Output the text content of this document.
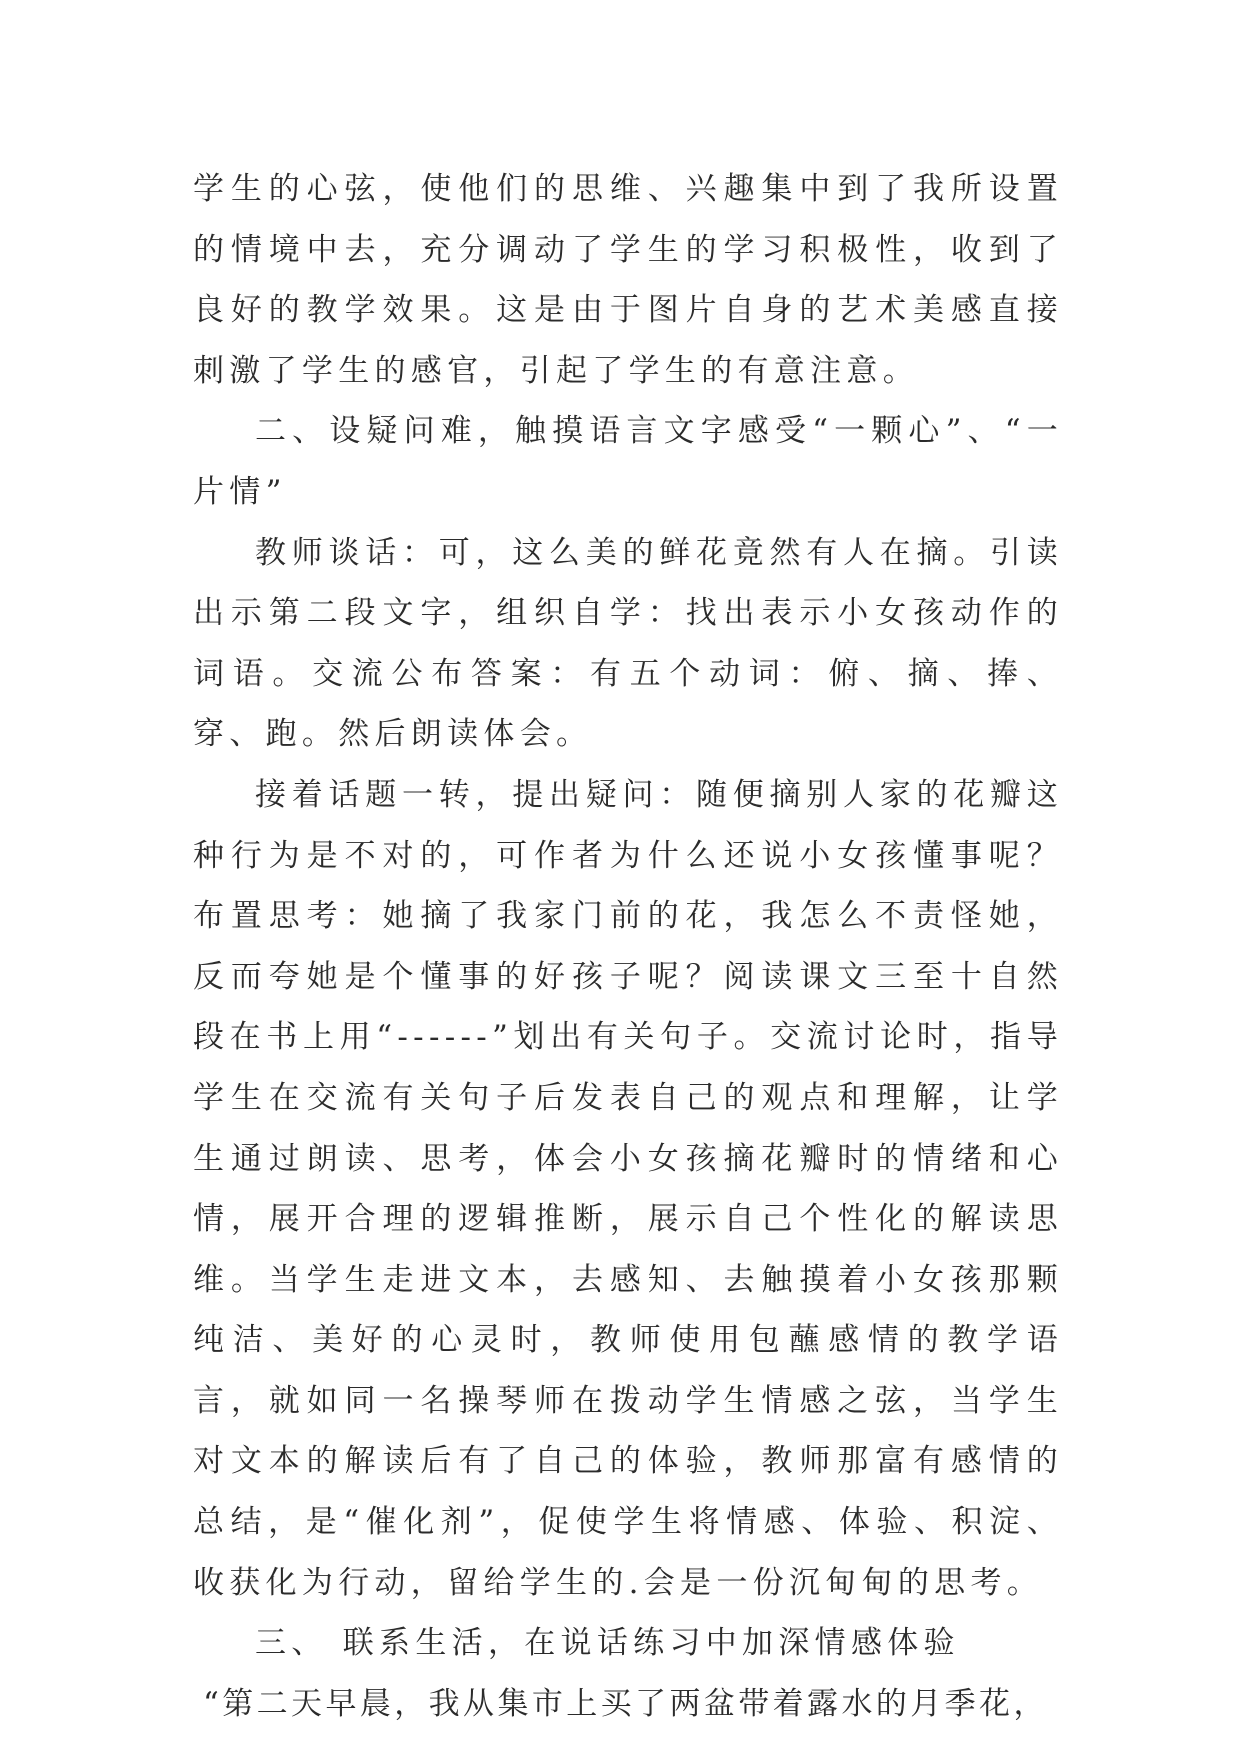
学生的心弦，使他们的思维、兴趣集中到了我所设置的情境中去，充分调动了学生的学习积极性，收到了良好的教学效果。这是由于图片自身的艺术美感直接刺激了学生的感官，引起了学生的有意注意。

二、设疑问难，触摸语言文字感受“一颗心”、“一片情”

教师谈话：可，这么美的鲜花竟然有人在摘。引读出示第二段文字，组织自学：找出表示小女孩动作的词语。交流公布答案：有五个动词：俯、摘、捧、穿、跑。然后朗读体会。

接着话题一转，提出疑问：随便摘别人家的花瓣这种行为是不对的，可作者为什么还说小女孩懂事呢？布置思考：她摘了我家门前的花，我怎么不责怪她，反而夸她是个懂事的好孩子呢？阅读课文三至十自然段在书上用“------”划出有关句子。交流讨论时，指导学生在交流有关句子后发表自己的观点和理解，让学生通过朗读、思考，体会小女孩摘花瓣时的情绪和心情，展开合理的逻辑推断，展示自己个性化的解读思维。当学生走进文本，去感知、去触摸着小女孩那颗纯洁、美好的心灵时，教师使用包蘸感情的教学语言，就如同一名操琴师在拨动学生情感之弦，当学生对文本的解读后有了自己的体验，教师那富有感情的总结，是“催化剂”，促使学生将情感、体验、积淀、收获化为行动，留给学生的.会是一份沉甸甸的思考。

三、 联系生活，在说话练习中加深情感体验

“第二天早晨，我从集市上买了两盆带着露水的月季花，
